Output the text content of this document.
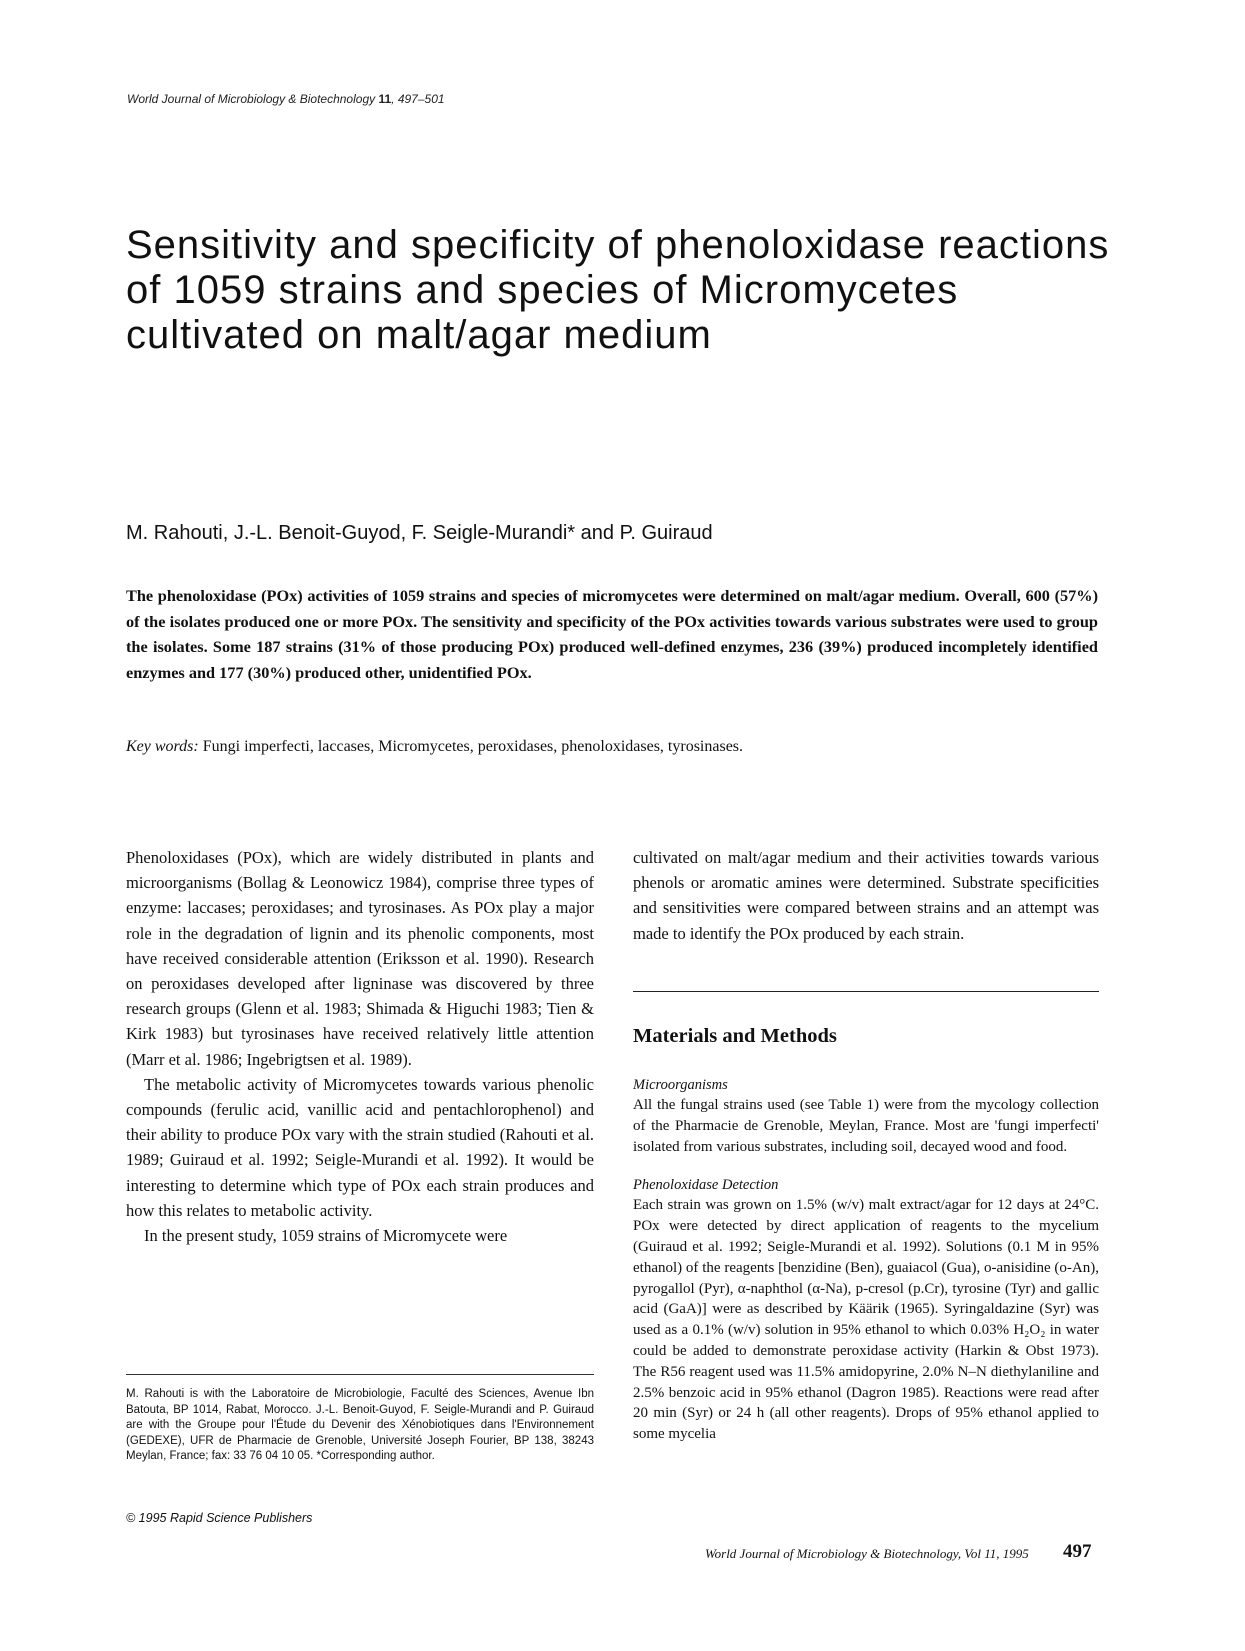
World Journal of Microbiology & Biotechnology 11, 497–501
Sensitivity and specificity of phenoloxidase reactions of 1059 strains and species of Micromycetes cultivated on malt/agar medium
M. Rahouti, J.-L. Benoit-Guyod, F. Seigle-Murandi* and P. Guiraud

The phenoloxidase (POx) activities of 1059 strains and species of micromycetes were determined on malt/agar medium. Overall, 600 (57%) of the isolates produced one or more POx. The sensitivity and specificity of the POx activities towards various substrates were used to group the isolates. Some 187 strains (31% of those producing POx) produced well-defined enzymes, 236 (39%) produced incompletely identified enzymes and 177 (30%) produced other, unidentified POx.

Key words: Fungi imperfecti, laccases, Micromycetes, peroxidases, phenoloxidases, tyrosinases.

Phenoloxidases (POx), which are widely distributed in plants and microorganisms (Bollag & Leonowicz 1984), comprise three types of enzyme: laccases; peroxidases; and tyrosinases. As POx play a major role in the degradation of lignin and its phenolic components, most have received considerable attention (Eriksson et al. 1990). Research on peroxidases developed after ligninase was discovered by three research groups (Glenn et al. 1983; Shimada & Higuchi 1983; Tien & Kirk 1983) but tyrosinases have received relatively little attention (Marr et al. 1986; Ingebrigtsen et al. 1989).

The metabolic activity of Micromycetes towards various phenolic compounds (ferulic acid, vanillic acid and pentachlorophenol) and their ability to produce POx vary with the strain studied (Rahouti et al. 1989; Guiraud et al. 1992; Seigle-Murandi et al. 1992). It would be interesting to determine which type of POx each strain produces and how this relates to metabolic activity.

In the present study, 1059 strains of Micromycete were

cultivated on malt/agar medium and their activities towards various phenols or aromatic amines were determined. Substrate specificities and sensitivities were compared between strains and an attempt was made to identify the POx produced by each strain.

Materials and Methods

Microorganisms

All the fungal strains used (see Table 1) were from the mycology collection of the Pharmacie de Grenoble, Meylan, France. Most are 'fungi imperfecti' isolated from various substrates, including soil, decayed wood and food.

Phenoloxidase Detection

Each strain was grown on 1.5% (w/v) malt extract/agar for 12 days at 24°C. POx were detected by direct application of reagents to the mycelium (Guiraud et al. 1992; Seigle-Murandi et al. 1992). Solutions (0.1 M in 95% ethanol) of the reagents [benzidine (Ben), guaiacol (Gua), o-anisidine (o-An), pyrogallol (Pyr), α-naphthol (α-Na), p-cresol (p.Cr), tyrosine (Tyr) and gallic acid (GaA)] were as described by Käärik (1965). Syringaldazine (Syr) was used as a 0.1% (w/v) solution in 95% ethanol to which 0.03% H₂O₂ in water could be added to demonstrate peroxidase activity (Harkin & Obst 1973). The R56 reagent used was 11.5% amidopyrine, 2.0% N–N diethylaniline and 2.5% benzoic acid in 95% ethanol (Dagron 1985). Reactions were read after 20 min (Syr) or 24 h (all other reagents). Drops of 95% ethanol applied to some mycelia

M. Rahouti is with the Laboratoire de Microbiologie, Faculté des Sciences, Avenue Ibn Batouta, BP 1014, Rabat, Morocco. J.-L. Benoit-Guyod, F. Seigle-Murandi and P. Guiraud are with the Groupe pour l'Étude du Devenir des Xénobiotiques dans l'Environnement (GEDEXE), UFR de Pharmacie de Grenoble, Université Joseph Fourier, BP 138, 38243 Meylan, France; fax: 33 76 04 10 05. *Corresponding author.

© 1995 Rapid Science Publishers
World Journal of Microbiology & Biotechnology, Vol 11, 1995 497
